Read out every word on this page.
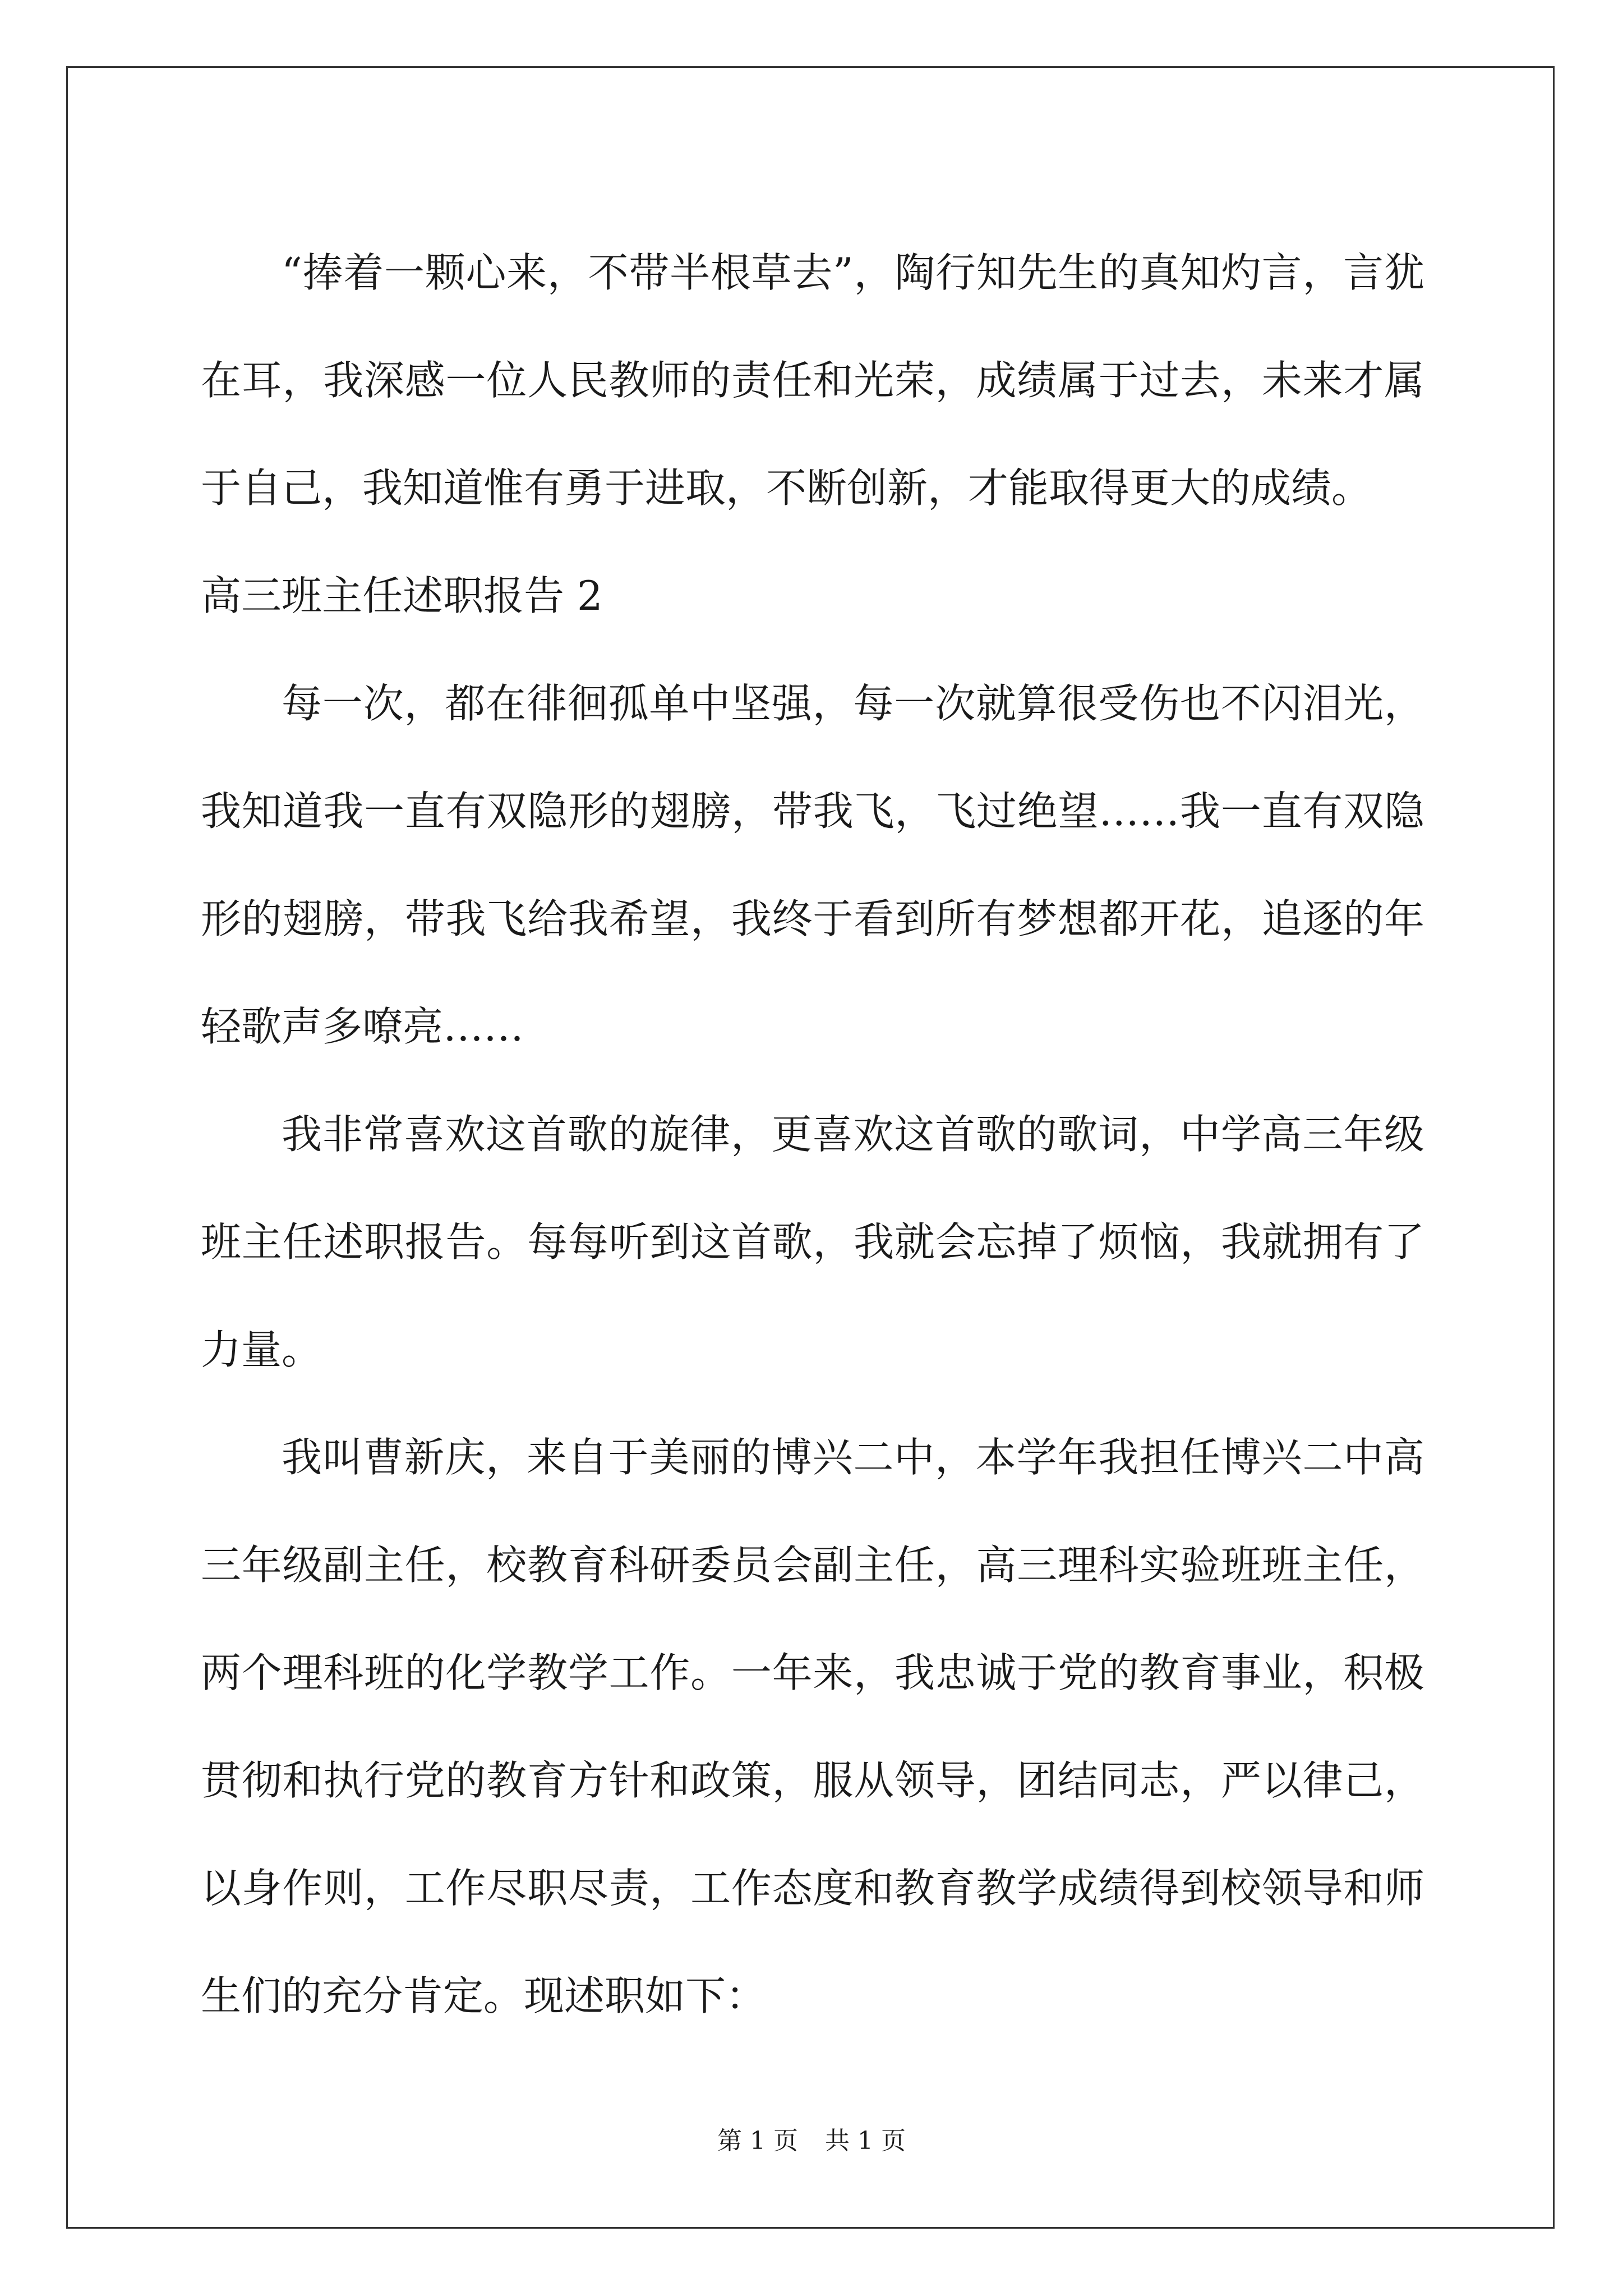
“捧着一颗心来，不带半根草去”，陶行知先生的真知灼言，言犹
在耳，我深感一位人民教师的责任和光荣，成绩属于过去，未来才属
于自己，我知道惟有勇于进取，不断创新，才能取得更大的成绩。
高三班主任述职报告 2
每一次，都在徘徊孤单中坚强，每一次就算很受伤也不闪泪光，
我知道我一直有双隐形的翅膀，带我飞，飞过绝望……我一直有双隐
形的翅膀，带我飞给我希望，我终于看到所有梦想都开花，追逐的年
轻歌声多嘹亮……
我非常喜欢这首歌的旋律，更喜欢这首歌的歌词，中学高三年级
班主任述职报告。每每听到这首歌，我就会忘掉了烦恼，我就拥有了
力量。
我叫曹新庆，来自于美丽的博兴二中，本学年我担任博兴二中高
三年级副主任，校教育科研委员会副主任，高三理科实验班班主任，
两个理科班的化学教学工作。一年来，我忠诚于党的教育事业，积极
贯彻和执行党的教育方针和政策，服从领导，团结同志，严以律己，
以身作则，工作尽职尽责，工作态度和教育教学成绩得到校领导和师
生们的充分肯定。现述职如下：
第 1 页 共 1 页
